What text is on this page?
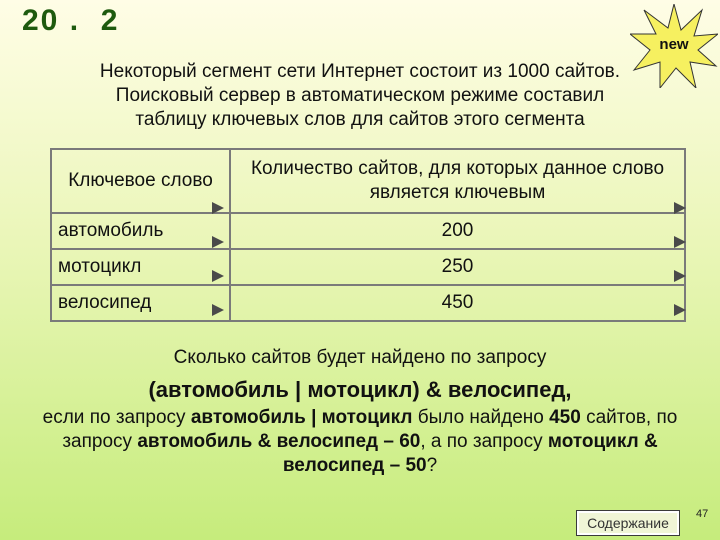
20 .  2
new
Некоторый сегмент сети Интернет состоит из 1000 сайтов.
Поисковый сервер в автоматическом режиме составил
таблицу ключевых слов для сайтов этого сегмента
Ключевое слово	Количество сайтов, для которых данное слово является ключевым
автомобиль	200
мотоцикл	250
велосипед	450
Сколько сайтов будет найдено по запросу
(автомобиль | мотоцикл) & велосипед,
если по запросу автомобиль | мотоцикл было найдено 450 сайтов, по запросу автомобиль & велосипед – 60, а по запросу мотоцикл & велосипед – 50?
Содержание
47
